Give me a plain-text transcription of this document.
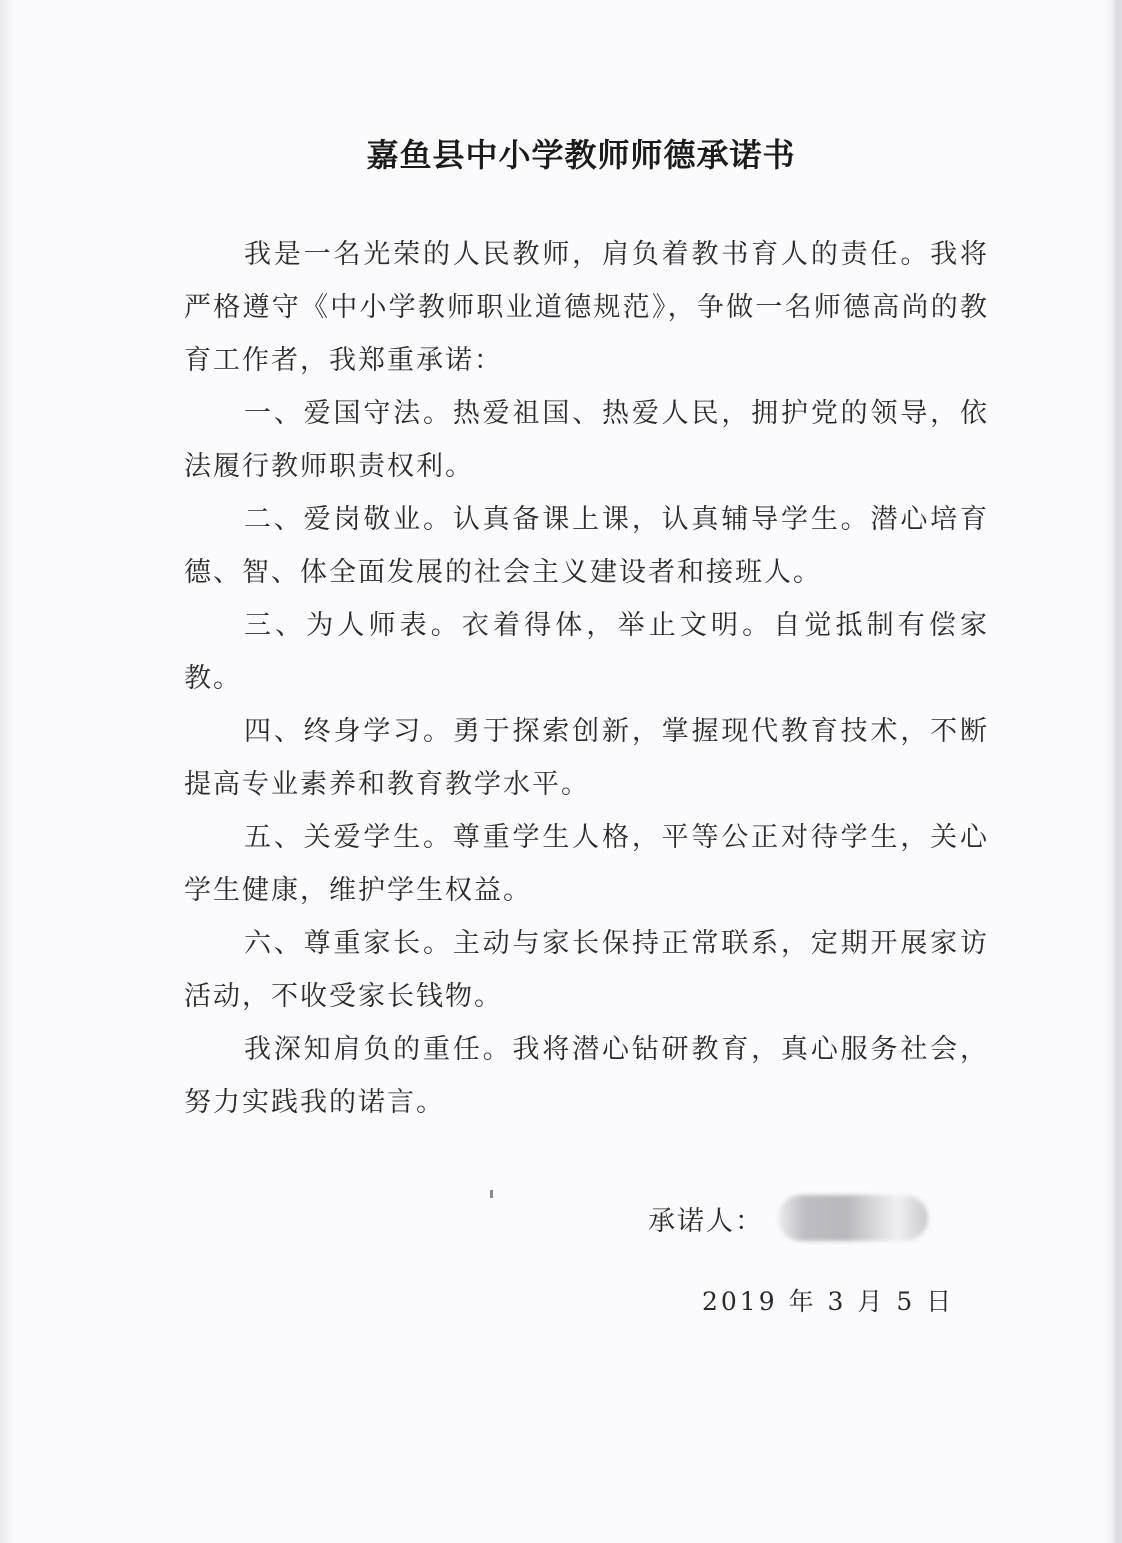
嘉鱼县中小学教师师德承诺书

我是一名光荣的人民教师，肩负着教书育人的责任。我将严格遵守《中小学教师职业道德规范》，争做一名师德高尚的教育工作者，我郑重承诺：

一、爱国守法。热爱祖国、热爱人民，拥护党的领导，依法履行教师职责权利。

二、爱岗敬业。认真备课上课，认真辅导学生。潜心培育德、智、体全面发展的社会主义建设者和接班人。

三、为人师表。衣着得体，举止文明。自觉抵制有偿家教。

四、终身学习。勇于探索创新，掌握现代教育技术，不断提高专业素养和教育教学水平。

五、关爱学生。尊重学生人格，平等公正对待学生，关心学生健康，维护学生权益。

六、尊重家长。主动与家长保持正常联系，定期开展家访活动，不收受家长钱物。

我深知肩负的重任。我将潜心钻研教育，真心服务社会，努力实践我的诺言。

承诺人：
2019 年 3 月 5 日
